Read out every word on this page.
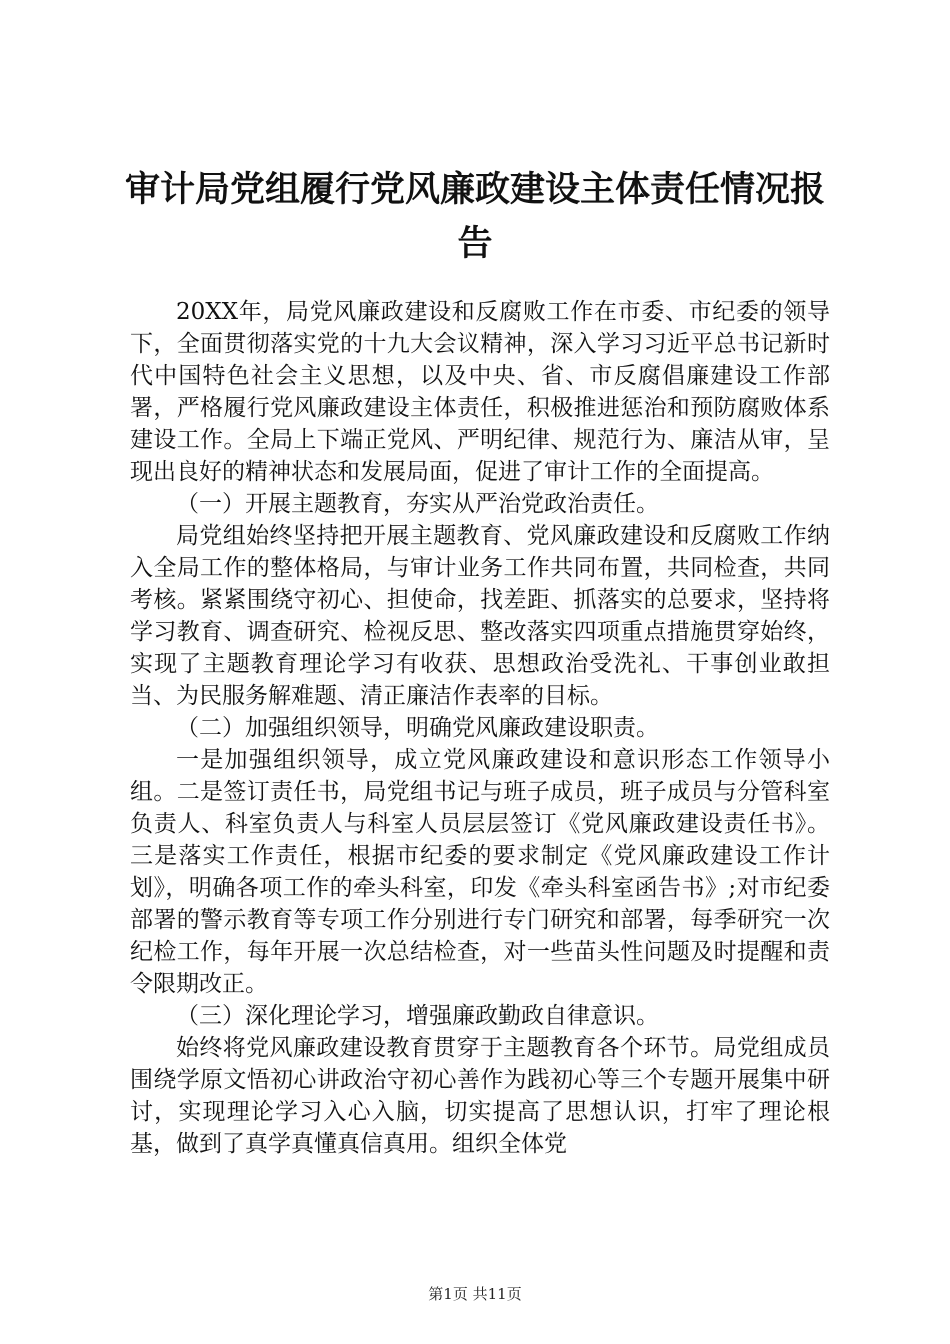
审计局党组履行党风廉政建设主体责任情况报
告

20XX年，局党风廉政建设和反腐败工作在市委、市纪委的领导下，全面贯彻落实党的十九大会议精神，深入学习习近平总书记新时代中国特色社会主义思想，以及中央、省、市反腐倡廉建设工作部署，严格履行党风廉政建设主体责任，积极推进惩治和预防腐败体系建设工作。全局上下端正党风、严明纪律、规范行为、廉洁从审，呈现出良好的精神状态和发展局面，促进了审计工作的全面提高。

（一）开展主题教育，夯实从严治党政治责任。

局党组始终坚持把开展主题教育、党风廉政建设和反腐败工作纳入全局工作的整体格局，与审计业务工作共同布置，共同检查，共同考核。紧紧围绕守初心、担使命，找差距、抓落实的总要求，坚持将学习教育、调查研究、检视反思、整改落实四项重点措施贯穿始终，实现了主题教育理论学习有收获、思想政治受洗礼、干事创业敢担当、为民服务解难题、清正廉洁作表率的目标。

（二）加强组织领导，明确党风廉政建设职责。

一是加强组织领导，成立党风廉政建设和意识形态工作领导小组。二是签订责任书，局党组书记与班子成员，班子成员与分管科室负责人、科室负责人与科室人员层层签订《党风廉政建设责任书》。三是落实工作责任，根据市纪委的要求制定《党风廉政建设工作计划》，明确各项工作的牵头科室，印发《牵头科室函告书》;对市纪委部署的警示教育等专项工作分别进行专门研究和部署，每季研究一次纪检工作，每年开展一次总结检查，对一些苗头性问题及时提醒和责令限期改正。

（三）深化理论学习，增强廉政勤政自律意识。

始终将党风廉政建设教育贯穿于主题教育各个环节。局党组成员围绕学原文悟初心讲政治守初心善作为践初心等三个专题开展集中研讨，实现理论学习入心入脑，切实提高了思想认识，打牢了理论根基，做到了真学真懂真信真用。组织全体党

第1页 共11页
